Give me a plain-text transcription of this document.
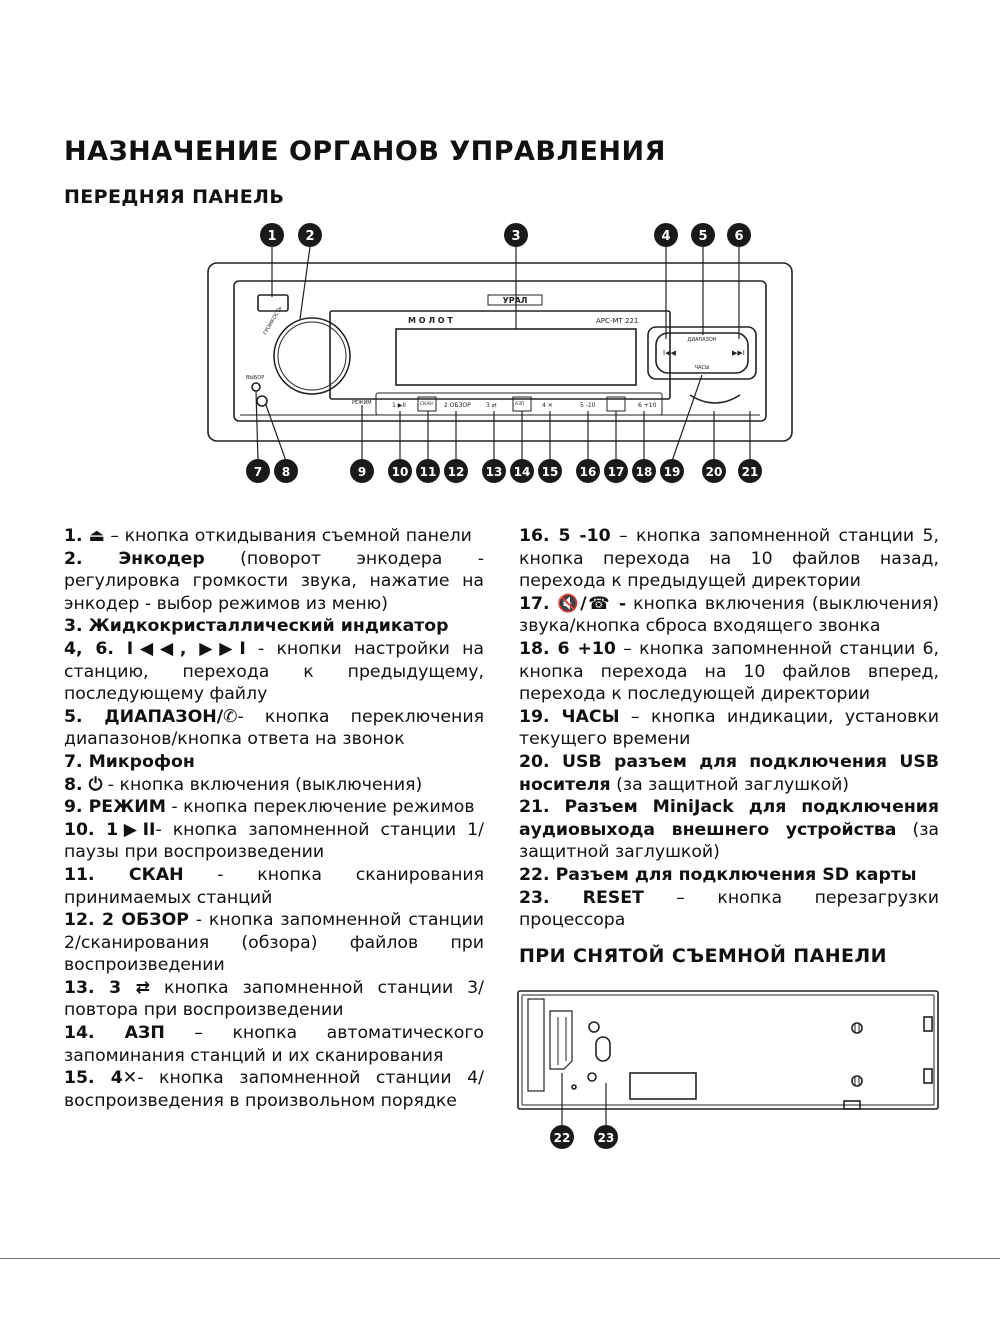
НАЗНАЧЕНИЕ ОРГАНОВ УПРАВЛЕНИЯ
ПЕРЕДНЯЯ ПАНЕЛЬ
УРАЛ
М О Л О Т	АРС-МТ 221
ДИАПАЗОН
ЧАСЫ
I◀◀	▶▶I
ВЫБОР
ГРОМКОСТЬ
РЕЖИМ	1 ▶II	СКАН 2 ОБЗОР	3 ⇄	АЗП	4 ✕	5 -10	6 +10
1 2	3	4 5 6
7 8	9 10 11 12 13 14 15 16 17 18 19 20 21

1. ⏏ – кнопка откидывания съемной панели

2. Энкодер (поворот энкодера - регулировка громкости звука, нажатие на энкодер - выбор режимов из меню)

3. Жидкокристаллический индикатор

4, 6. I◀◀, ▶▶I - кнопки настройки на станцию, перехода к предыдущему, последующему файлу

5. ДИАПАЗОН/✆- кнопка переключения диапазонов/кнопка ответа на звонок

7. Микрофон

8. ⏻ - кнопка включения (выключения)

9. РЕЖИМ - кнопка переключение режимов

10. 1▶II- кнопка запомненной станции 1/паузы при воспроизведении

11. СКАН - кнопка сканирования принимаемых станций

12. 2 ОБЗОР - кнопка запомненной станции 2/сканирования (обзора) файлов при воспроизведении

13. 3 ⇄ кнопка запомненной станции 3/повтора при воспроизведении

14. АЗП – кнопка автоматического запоминания станций и их сканирования

15. 4✕- кнопка запомненной станции 4/воспроизведения в произвольном порядке

16. 5 -10 – кнопка запомненной станции 5, кнопка перехода на 10 файлов назад, перехода к предыдущей директории

17. 🔇/☎ - кнопка включения (выключения) звука/кнопка сброса входящего звонка

18. 6 +10 – кнопка запомненной станции 6, кнопка перехода на 10 файлов вперед, перехода к последующей директории

19. ЧАСЫ – кнопка индикации, установки текущего времени

20. USB разъем для подключения USB носителя (за защитной заглушкой)

21. Разъем MiniJack для подключения аудиовыхода внешнего устройства (за защитной заглушкой)

22. Разъем для подключения SD карты

23. RESET – кнопка перезагрузки процессора

ПРИ СНЯТОЙ СЪЕМНОЙ ПАНЕЛИ
22 23
